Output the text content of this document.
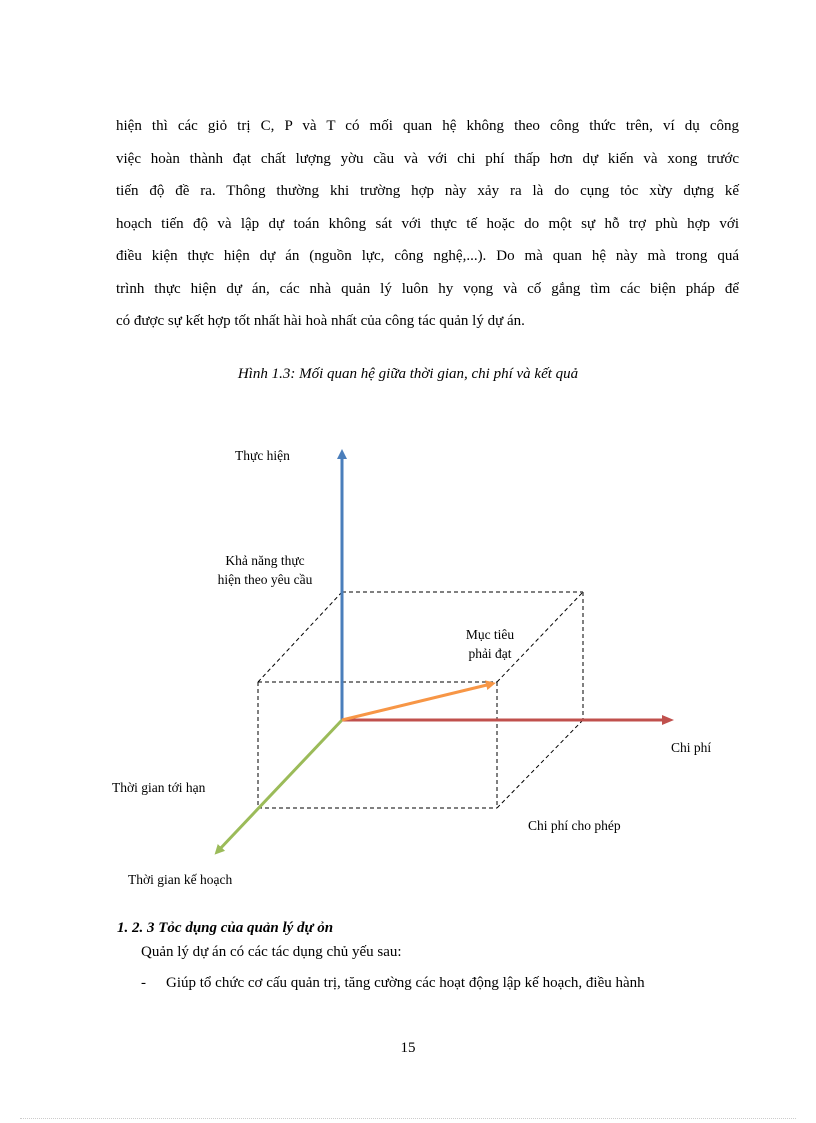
hiện thì các giỏ trị C, P và T có mối quan hệ không theo công thức trên, ví dụ công
việc hoàn thành đạt chất lượng yờu cầu và với chi phí thấp hơn dự kiến và xong trước
tiến độ đề ra. Thông thường khi trường hợp này xảy ra là do cụng tỏc xừy dựng kế
hoạch tiến độ và lập dự toán không sát với thực tế hoặc do một sự hỗ trợ phù hợp với
điều kiện thực hiện dự án (nguồn lực, công nghệ,...). Do mà quan hệ này mà trong quá
trình thực hiện dự án, các nhà quản lý luôn hy vọng và cố gắng tìm các biện pháp để
có được sự kết hợp tốt nhất hài hoà nhất của công tác quản lý dự án.
Hình 1.3: Mối quan hệ giữa thời gian, chi phí và kết quả
Thực hiện
Khả năng thực
hiện theo yêu cầu
Mục tiêu
phải đạt
Chi phí
Thời gian tới hạn
Chi phí cho phép
Thời gian kế hoạch
1. 2. 3 Tỏc dụng của quản lý dự ỏn
Quản lý dự án có các tác dụng chủ yếu sau:
- Giúp tổ chức cơ cấu quản trị, tăng cường các hoạt động lập kế hoạch, điều hành
15
